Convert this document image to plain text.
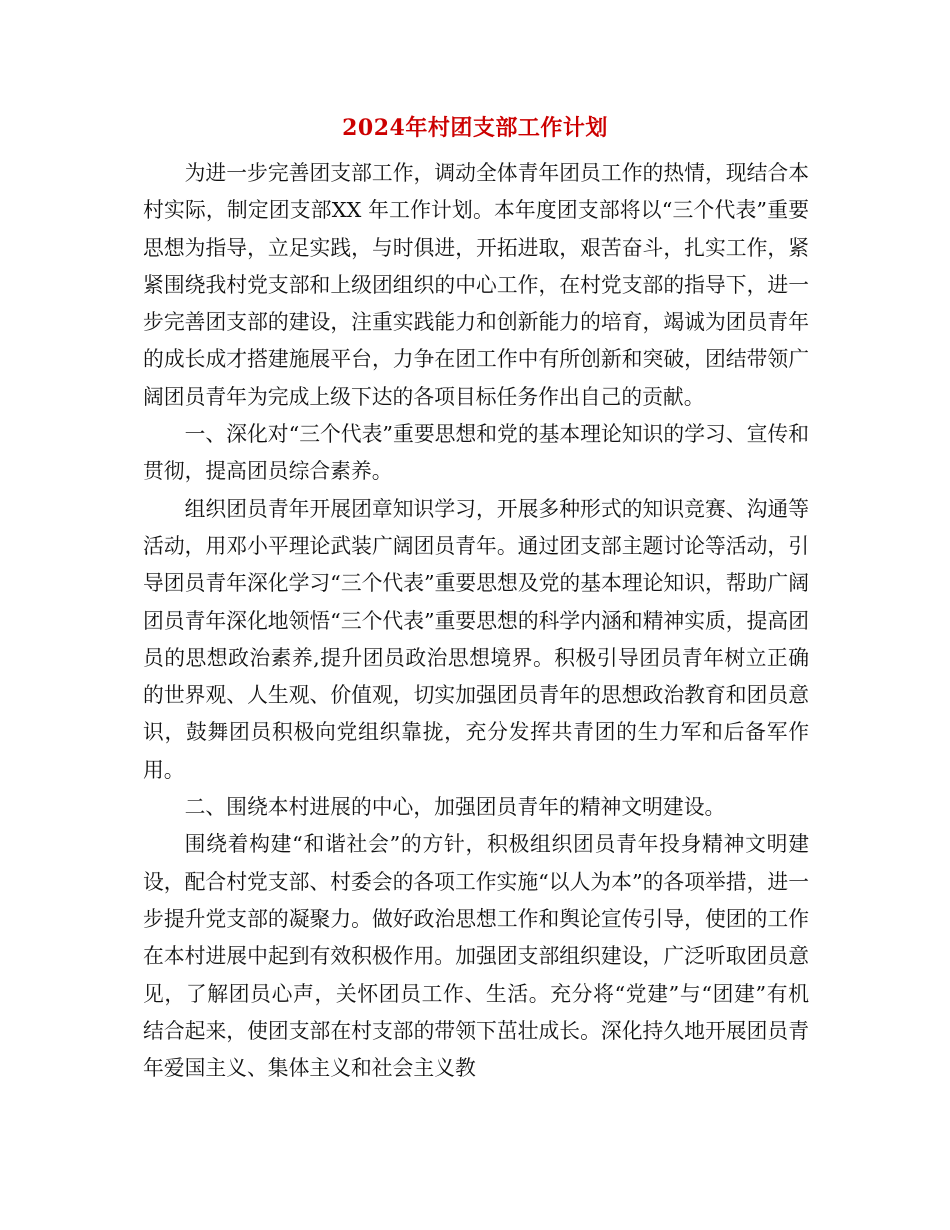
2024年村团支部工作计划

为进一步完善团支部工作，调动全体青年团员工作的热情，现结合本村实际，制定团支部XX 年工作计划。本年度团支部将以“三个代表”重要思想为指导，立足实践，与时俱进，开拓进取，艰苦奋斗，扎实工作，紧紧围绕我村党支部和上级团组织的中心工作，在村党支部的指导下，进一步完善团支部的建设，注重实践能力和创新能力的培育，竭诚为团员青年的成长成才搭建施展平台，力争在团工作中有所创新和突破，团结带领广阔团员青年为完成上级下达的各项目标任务作出自己的贡献。

一、深化对“三个代表”重要思想和党的基本理论知识的学习、宣传和贯彻，提高团员综合素养。

组织团员青年开展团章知识学习，开展多种形式的知识竞赛、沟通等活动，用邓小平理论武装广阔团员青年。通过团支部主题讨论等活动，引导团员青年深化学习“三个代表”重要思想及党的基本理论知识，帮助广阔团员青年深化地领悟“三个代表”重要思想的科学内涵和精神实质，提高团员的思想政治素养,提升团员政治思想境界。积极引导团员青年树立正确的世界观、人生观、价值观，切实加强团员青年的思想政治教育和团员意识，鼓舞团员积极向党组织靠拢，充分发挥共青团的生力军和后备军作用。

二、围绕本村进展的中心，加强团员青年的精神文明建设。

围绕着构建“和谐社会”的方针，积极组织团员青年投身精神文明建设，配合村党支部、村委会的各项工作实施“以人为本”的各项举措，进一步提升党支部的凝聚力。做好政治思想工作和舆论宣传引导，使团的工作在本村进展中起到有效积极作用。加强团支部组织建设，广泛听取团员意见，了解团员心声，关怀团员工作、生活。充分将“党建”与“团建”有机结合起来，使团支部在村支部的带领下茁壮成长。深化持久地开展团员青年爱国主义、集体主义和社会主义教
